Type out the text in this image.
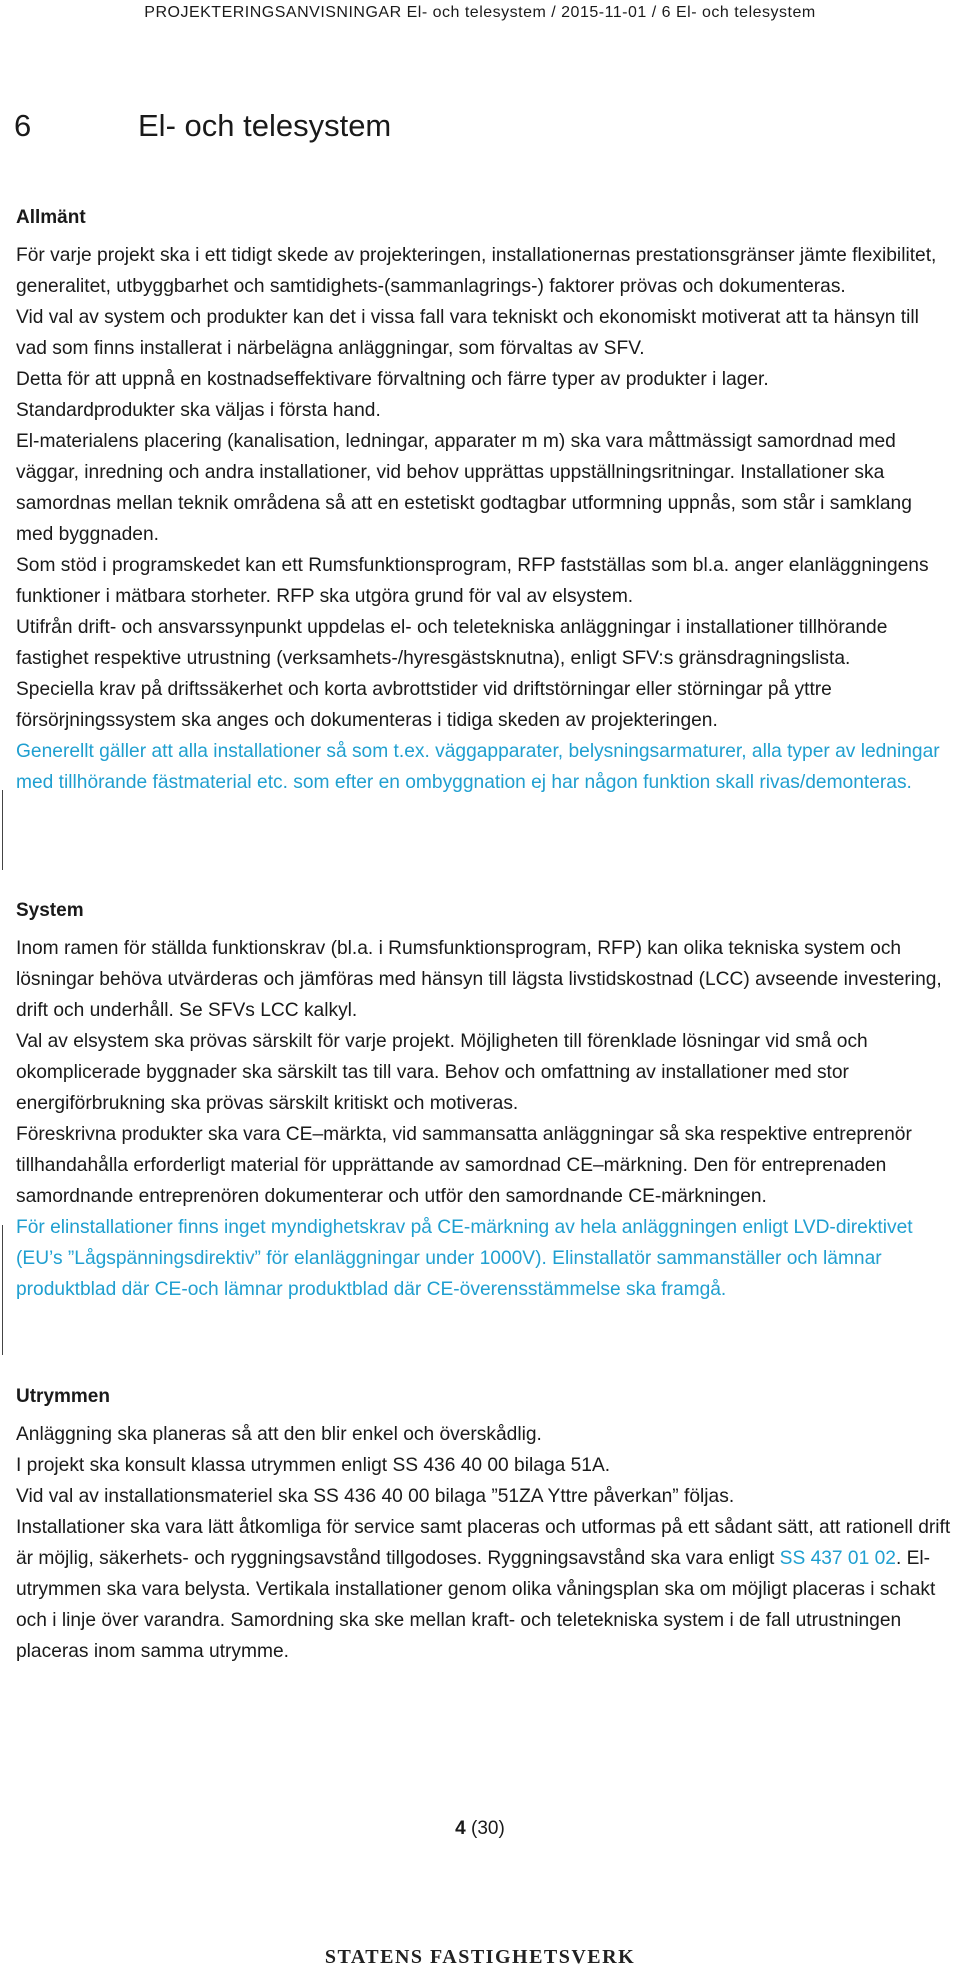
PROJEKTERINGSANVISNINGAR El- och telesystem / 2015-11-01 / 6 El- och telesystem
6	El- och telesystem
Allmänt

För varje projekt ska i ett tidigt skede av projekteringen, installationernas prestationsgränser jämte flexibilitet, generalitet, utbyggbarhet och samtidighets-(sammanlagrings-) faktorer prövas och dokumenteras.

Vid val av system och produkter kan det i vissa fall vara tekniskt och ekonomiskt motiverat att ta hänsyn till vad som finns installerat i närbelägna anläggningar, som förvaltas av SFV.

Detta för att uppnå en kostnadseffektivare förvaltning och färre typer av produkter i lager.

Standardprodukter ska väljas i första hand.

El-materialens placering (kanalisation, ledningar, apparater m m) ska vara måttmässigt samordnad med väggar, inredning och andra installationer, vid behov upprättas uppställningsritningar. Installationer ska samordnas mellan teknik områdena så att en estetiskt godtagbar utformning uppnås, som står i samklang med byggnaden.

Som stöd i programskedet kan ett Rumsfunktionsprogram, RFP fastställas som bl.a. anger elanläggningens funktioner i mätbara storheter. RFP ska utgöra grund för val av elsystem.

Utifrån drift- och ansvarssynpunkt uppdelas el- och teletekniska anläggningar i installationer tillhörande fastighet respektive utrustning (verksamhets-/hyresgästsknutna), enligt SFV:s gränsdragningslista.

Speciella krav på driftssäkerhet och korta avbrottstider vid driftstörningar eller störningar på yttre försörjningssystem ska anges och dokumenteras i tidiga skeden av projekteringen.

Generellt gäller att alla installationer så som t.ex. väggapparater, belysningsarmaturer, alla typer av ledningar med tillhörande fästmaterial etc. som efter en ombyggnation ej har någon funktion skall rivas/demonteras.

System

Inom ramen för ställda funktionskrav (bl.a. i Rumsfunktionsprogram, RFP) kan olika tekniska system och lösningar behöva utvärderas och jämföras med hänsyn till lägsta livstidskostnad (LCC) avseende investering, drift och underhåll. Se SFVs LCC kalkyl.

Val av elsystem ska prövas särskilt för varje projekt. Möjligheten till förenklade lösningar vid små och okomplicerade byggnader ska särskilt tas till vara. Behov och omfattning av installationer med stor energiförbrukning ska prövas särskilt kritiskt och motiveras.

Föreskrivna produkter ska vara CE–märkta, vid sammansatta anläggningar så ska respektive entreprenör tillhandahålla erforderligt material för upprättande av samordnad CE–märkning. Den för entreprenaden samordnande entreprenören dokumenterar och utför den samordnande CE-märkningen.

För elinstallationer finns inget myndighetskrav på CE-märkning av hela anläggningen enligt LVD-direktivet (EU’s ”Lågspänningsdirektiv” för elanläggningar under 1000V). Elinstallatör sammanställer och lämnar produktblad där CE-och lämnar produktblad där CE-överensstämmelse ska framgå.

Utrymmen

Anläggning ska planeras så att den blir enkel och överskådlig.

I projekt ska konsult klassa utrymmen enligt SS 436 40 00 bilaga 51A.

Vid val av installationsmateriel ska SS 436 40 00 bilaga ”51ZA Yttre påverkan” följas.

Installationer ska vara lätt åtkomliga för service samt placeras och utformas på ett sådant sätt, att rationell drift är möjlig, säkerhets- och ryggningsavstånd tillgodoses. Ryggningsavstånd ska vara enligt SS 437 01 02. El-utrymmen ska vara belysta. Vertikala installationer genom olika våningsplan ska om möjligt placeras i schakt och i linje över varandra. Samordning ska ske mellan kraft- och teletekniska system i de fall utrustningen placeras inom samma utrymme.

4 (30)
STATENS FASTIGHETSVERK
